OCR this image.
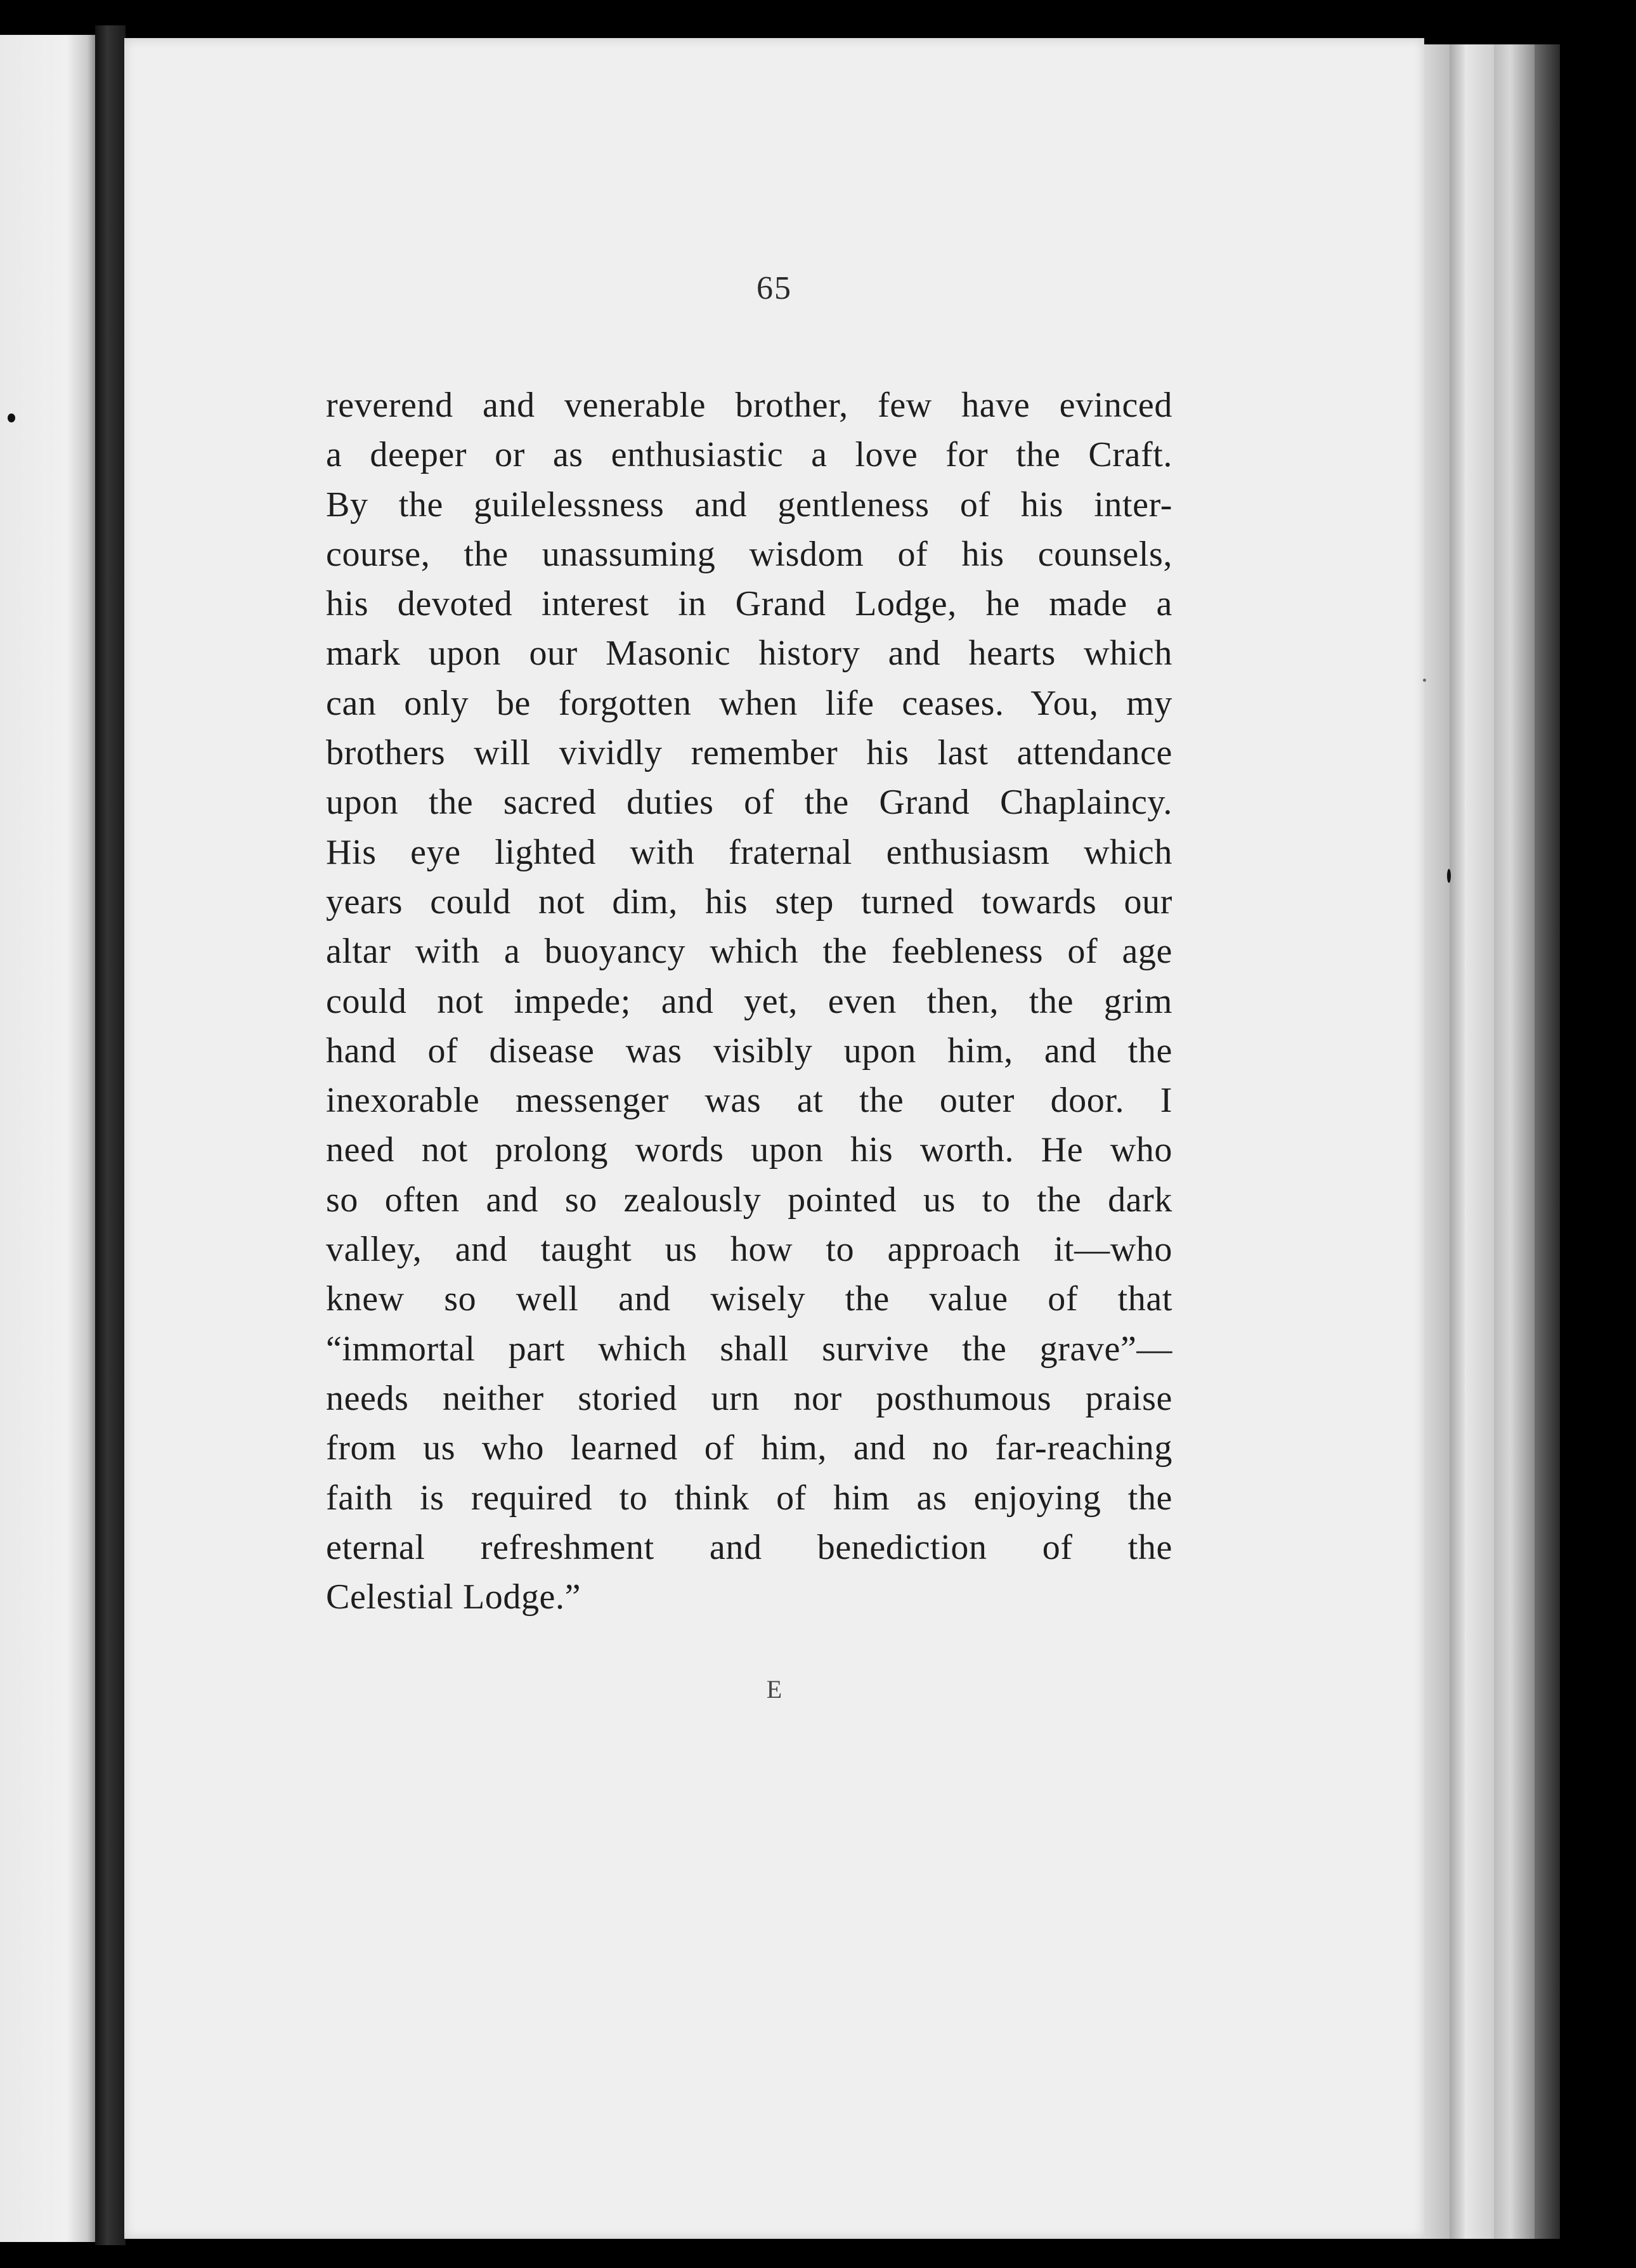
65
reverend and venerable brother, few have evinced
a deeper or as enthusiastic a love for the Craft.
By the guilelessness and gentleness of his inter-
course, the unassuming wisdom of his counsels,
his devoted interest in Grand Lodge, he made a
mark upon our Masonic history and hearts which
can only be forgotten when life ceases. You, my
brothers will vividly remember his last attendance
upon the sacred duties of the Grand Chaplaincy.
His eye lighted with fraternal enthusiasm which
years could not dim, his step turned towards our
altar with a buoyancy which the feebleness of age
could not impede; and yet, even then, the grim
hand of disease was visibly upon him, and the
inexorable messenger was at the outer door. I
need not prolong words upon his worth. He who
so often and so zealously pointed us to the dark
valley, and taught us how to approach it—who
knew so well and wisely the value of that
“immortal part which shall survive the grave”—
needs neither storied urn nor posthumous praise
from us who learned of him, and no far-reaching
faith is required to think of him as enjoying the
eternal refreshment and benediction of the
Celestial Lodge.”
E
